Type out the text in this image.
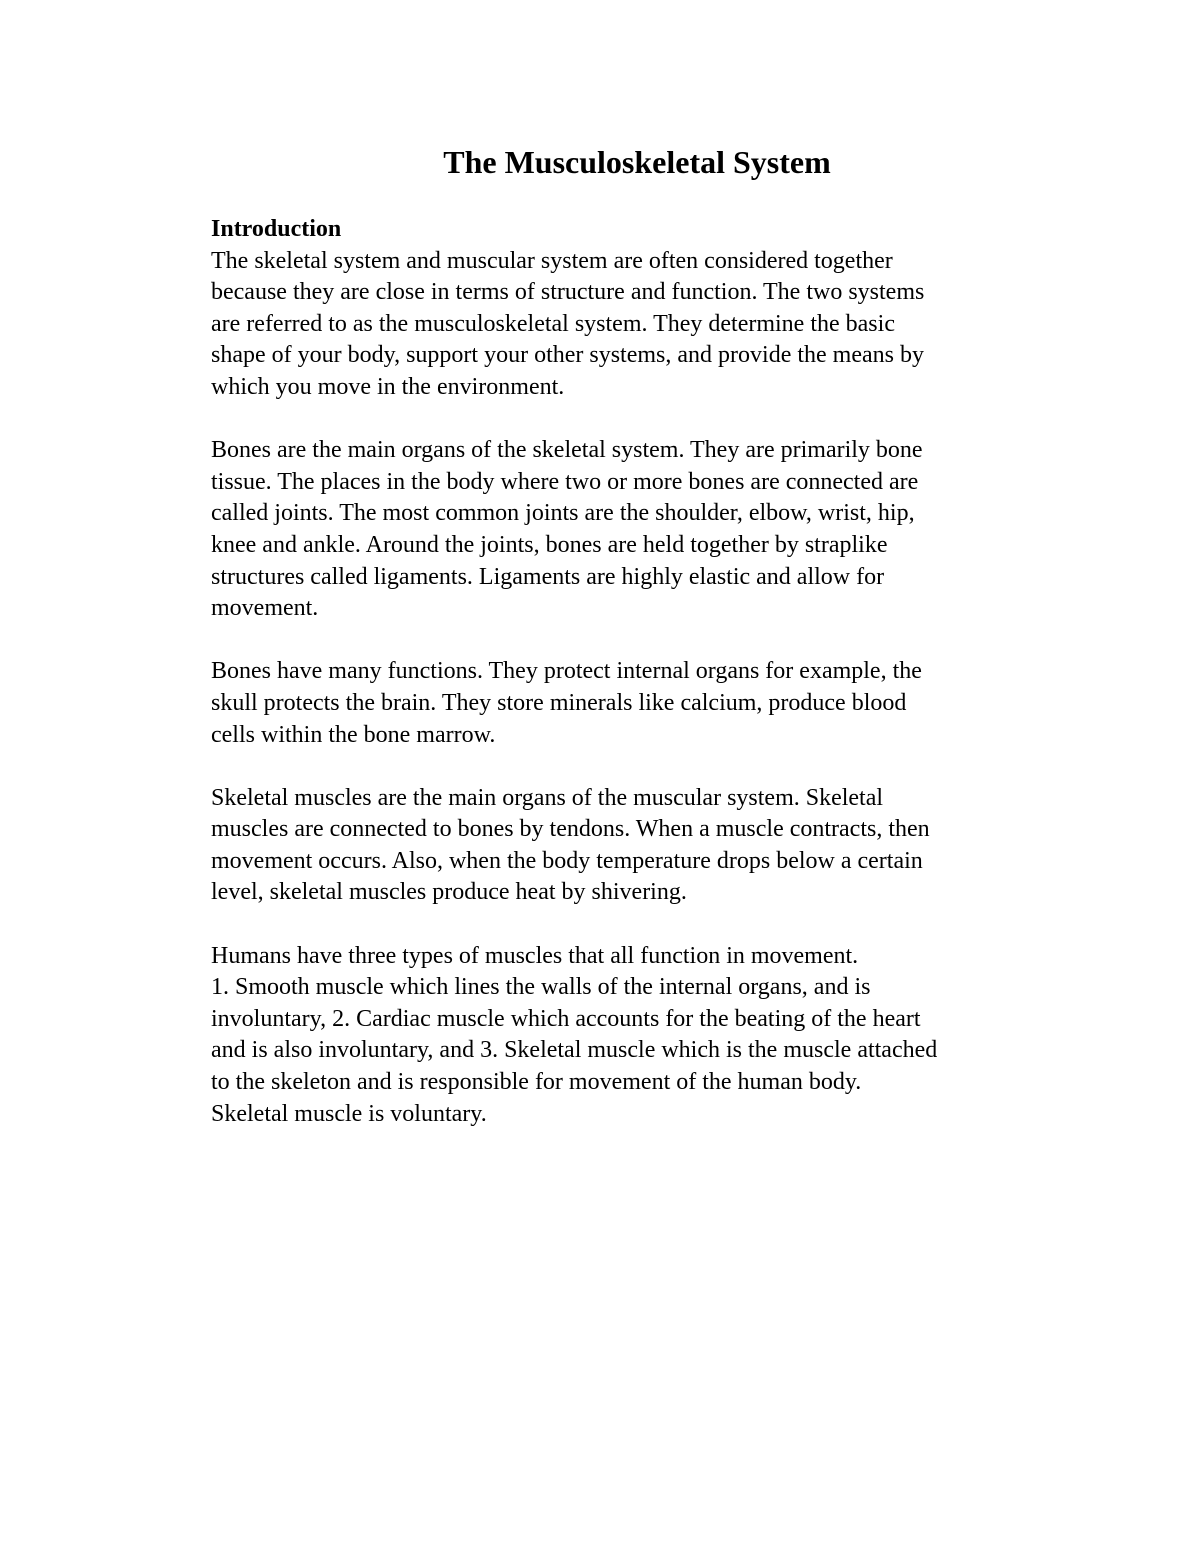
The Musculoskeletal System

Introduction

The skeletal system and muscular system are often considered together
because they are close in terms of structure and function. The two systems
are referred to as the musculoskeletal system. They determine the basic
shape of your body, support your other systems, and provide the means by
which you move in the environment.

Bones are the main organs of the skeletal system. They are primarily bone
tissue. The places in the body where two or more bones are connected are
called joints. The most common joints are the shoulder, elbow, wrist, hip,
knee and ankle. Around the joints, bones are held together by straplike
structures called ligaments. Ligaments are highly elastic and allow for
movement.

Bones have many functions. They protect internal organs for example, the
skull protects the brain. They store minerals like calcium, produce blood
cells within the bone marrow.

Skeletal muscles are the main organs of the muscular system. Skeletal
muscles are connected to bones by tendons. When a muscle contracts, then
movement occurs. Also, when the body temperature drops below a certain
level, skeletal muscles produce heat by shivering.

Humans have three types of muscles that all function in movement.
1. Smooth muscle which lines the walls of the internal organs, and is
involuntary, 2. Cardiac muscle which accounts for the beating of the heart
and is also involuntary, and 3. Skeletal muscle which is the muscle attached
to the skeleton and is responsible for movement of the human body.
Skeletal muscle is voluntary.
